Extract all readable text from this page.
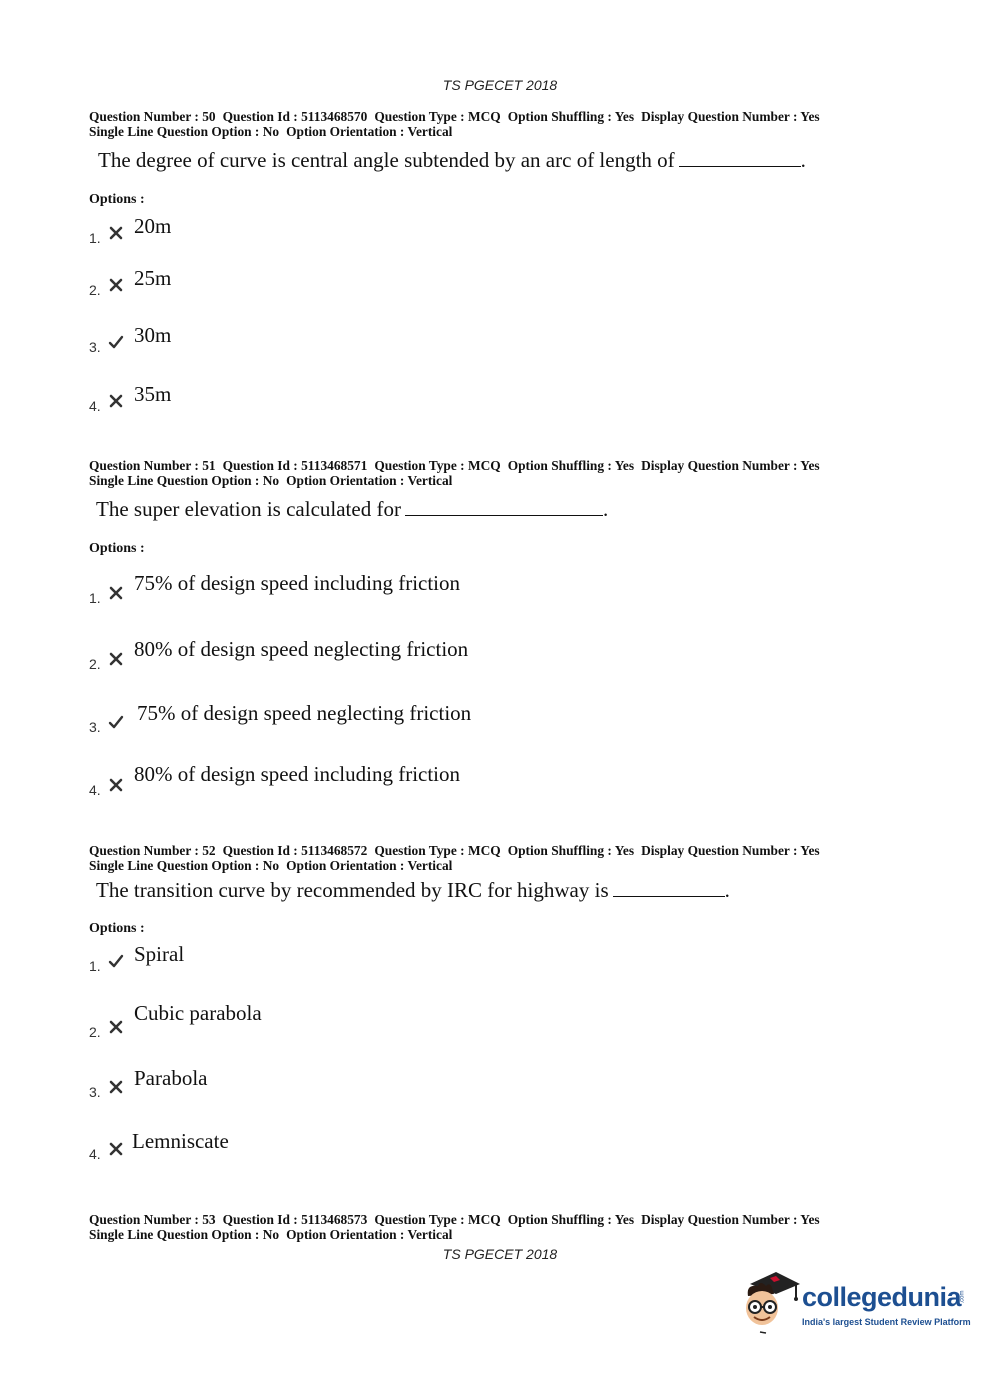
TS PGECET 2018
Question Number : 50 Question Id : 5113468570 Question Type : MCQ Option Shuffling : Yes Display Question Number : Yes
Single Line Question Option : No Option Orientation : Vertical
The degree of curve is central angle subtended by an arc of length of	.
Options :
1. 20m
2. 25m
3. 30m
4. 35m
Question Number : 51 Question Id : 5113468571 Question Type : MCQ Option Shuffling : Yes Display Question Number : Yes
Single Line Question Option : No Option Orientation : Vertical
The super elevation is calculated for	.
Options :
1.
75% of design speed including friction
2.
80% of design speed neglecting friction
3.
75% of design speed neglecting friction
4.
80% of design speed including friction
Question Number : 52 Question Id : 5113468572 Question Type : MCQ Option Shuffling : Yes Display Question Number : Yes
Single Line Question Option : No Option Orientation : Vertical
The transition curve by recommended by IRC for highway is	.
Options :
1. Spiral
2.
Cubic parabola
3.
Parabola
4.
Lemniscate
Question Number : 53 Question Id : 5113468573 Question Type : MCQ Option Shuffling : Yes Display Question Number : Yes
Single Line Question Option : No Option Orientation : Vertical
TS PGECET 2018
collegedunia
.com
India's largest Student Review Platform
